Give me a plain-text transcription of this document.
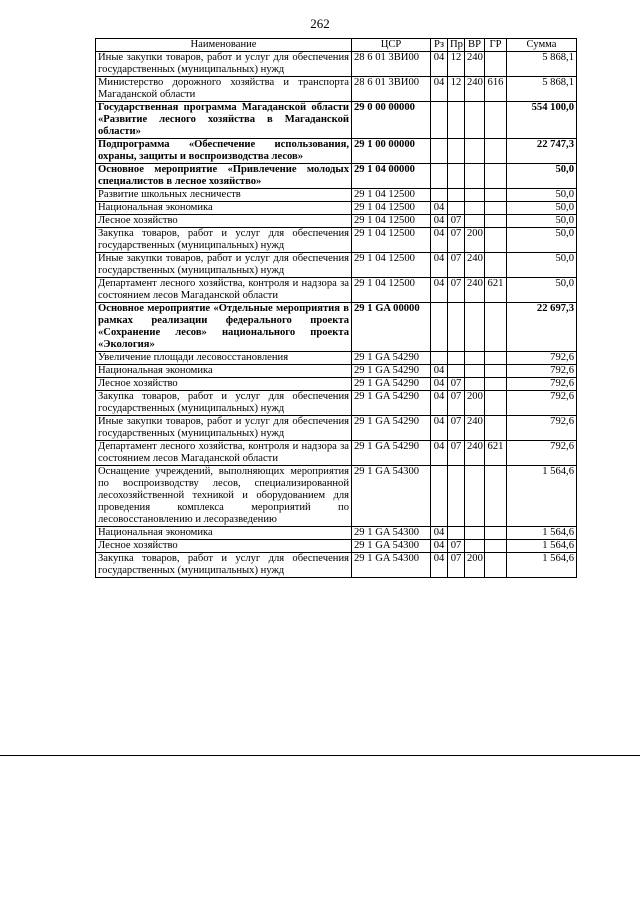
262
Наименование	ЦСР	Рз	Пр	ВР	ГР	Сумма
Иные закупки товаров, работ и услуг для обеспечения государственных (муниципальных) нужд	28 6 01 3ВИ00	04	12	240		5 868,1
Министерство дорожного хозяйства и транспорта Магаданской области	28 6 01 3ВИ00	04	12	240	616	5 868,1
Государственная программа Магаданской области «Развитие лесного хозяйства в Магаданской области»	29 0 00 00000					554 100,0
Подпрограмма «Обеспечение использования, охраны, защиты и воспроизводства лесов»	29 1 00 00000					22 747,3
Основное мероприятие «Привлечение молодых специалистов в лесное хозяйство»	29 1 04 00000					50,0
Развитие школьных лесничеств	29 1 04 12500					50,0
Национальная экономика	29 1 04 12500	04				50,0
Лесное хозяйство	29 1 04 12500	04	07			50,0
Закупка товаров, работ и услуг для обеспечения государственных (муниципальных) нужд	29 1 04 12500	04	07	200		50,0
Иные закупки товаров, работ и услуг для обеспечения государственных (муниципальных) нужд	29 1 04 12500	04	07	240		50,0
Департамент лесного хозяйства, контроля и надзора за состоянием лесов Магаданской области	29 1 04 12500	04	07	240	621	50,0
Основное мероприятие «Отдельные мероприятия в рамках реализации федерального проекта «Сохранение лесов» национального проекта «Экология»	29 1 GA 00000					22 697,3
Увеличение площади лесовосстановления	29 1 GA 54290					792,6
Национальная экономика	29 1 GA 54290	04				792,6
Лесное хозяйство	29 1 GA 54290	04	07			792,6
Закупка товаров, работ и услуг для обеспечения государственных (муниципальных) нужд	29 1 GA 54290	04	07	200		792,6
Иные закупки товаров, работ и услуг для обеспечения государственных (муниципальных) нужд	29 1 GA 54290	04	07	240		792,6
Департамент лесного хозяйства, контроля и надзора за состоянием лесов Магаданской области	29 1 GA 54290	04	07	240	621	792,6
Оснащение учреждений, выполняющих мероприятия по воспроизводству лесов, специализированной лесохозяйственной техникой и оборудованием для проведения комплекса мероприятий по лесовосстановлению и лесоразведению	29 1 GA 54300					1 564,6
Национальная экономика	29 1 GA 54300	04				1 564,6
Лесное хозяйство	29 1 GA 54300	04	07			1 564,6
Закупка товаров, работ и услуг для обеспечения государственных (муниципальных) нужд	29 1 GA 54300	04	07	200		1 564,6
